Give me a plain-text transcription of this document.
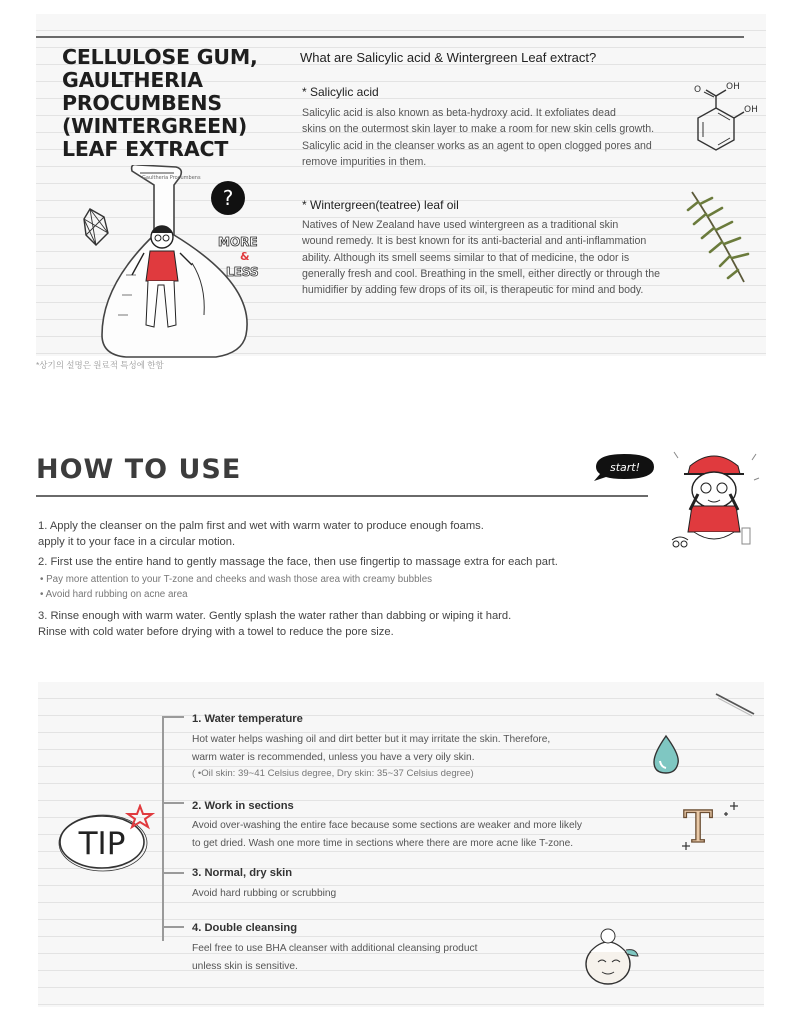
CELLULOSE GUM,
GAULTHERIA
PROCUMBENS
(WINTERGREEN)
LEAF EXTRACT
Gaultheria Procumbens
?
MORE
&
LESS

What are Salicylic acid & Wintergreen Leaf extract?

* Salicylic acid

Salicylic acid is also known as beta-hydroxy acid. It exfoliates dead
skins on the outermost skin layer to make a room for new skin cells growth.
Salicylic acid in the cleanser works as an agent to open clogged pores and
remove impurities in them.

O	OH
OH

* Wintergreen(teatree) leaf oil

Natives of New Zealand have used wintergreen as a traditional skin
wound remedy. It is best known for its anti-bacterial and anti-inflammation
ability. Although its smell seems similar to that of medicine, the odor is
generally fresh and cool. Breathing in the smell, either directly or through the
humidifier by adding few drops of its oil, is therapeutic for mind and body.

*상기의 설명은 원료적 특성에 한함

HOW TO USE	start!

1. Apply the cleanser on the palm first and wet with warm water to produce enough foams.
apply it to your face in a circular motion.

2. First use the entire hand to gently massage the face, then use fingertip to massage extra for each part.

• Pay more attention to your T-zone and cheeks and wash those area with creamy bubbles

• Avoid hard rubbing on acne area

3. Rinse enough with warm water. Gently splash the water rather than dabbing or wiping it hard.
Rinse with cold water before drying with a towel to reduce the pore size.

TIP

1. Water temperature

Hot water helps washing oil and dirt better but it may irritate the skin. Therefore,
warm water is recommended, unless you have a very oily skin.

( •Oil skin: 39~41 Celsius degree, Dry skin: 35~37 Celsius degree)

2. Work in sections

Avoid over-washing the entire face because some sections are weaker and more likely
to get dried. Wash one more time in sections where there are more acne like T-zone.

3. Normal, dry skin

Avoid hard rubbing or scrubbing

4. Double cleansing

Feel free to use BHA cleanser with additional cleansing product
unless skin is sensitive.

T
